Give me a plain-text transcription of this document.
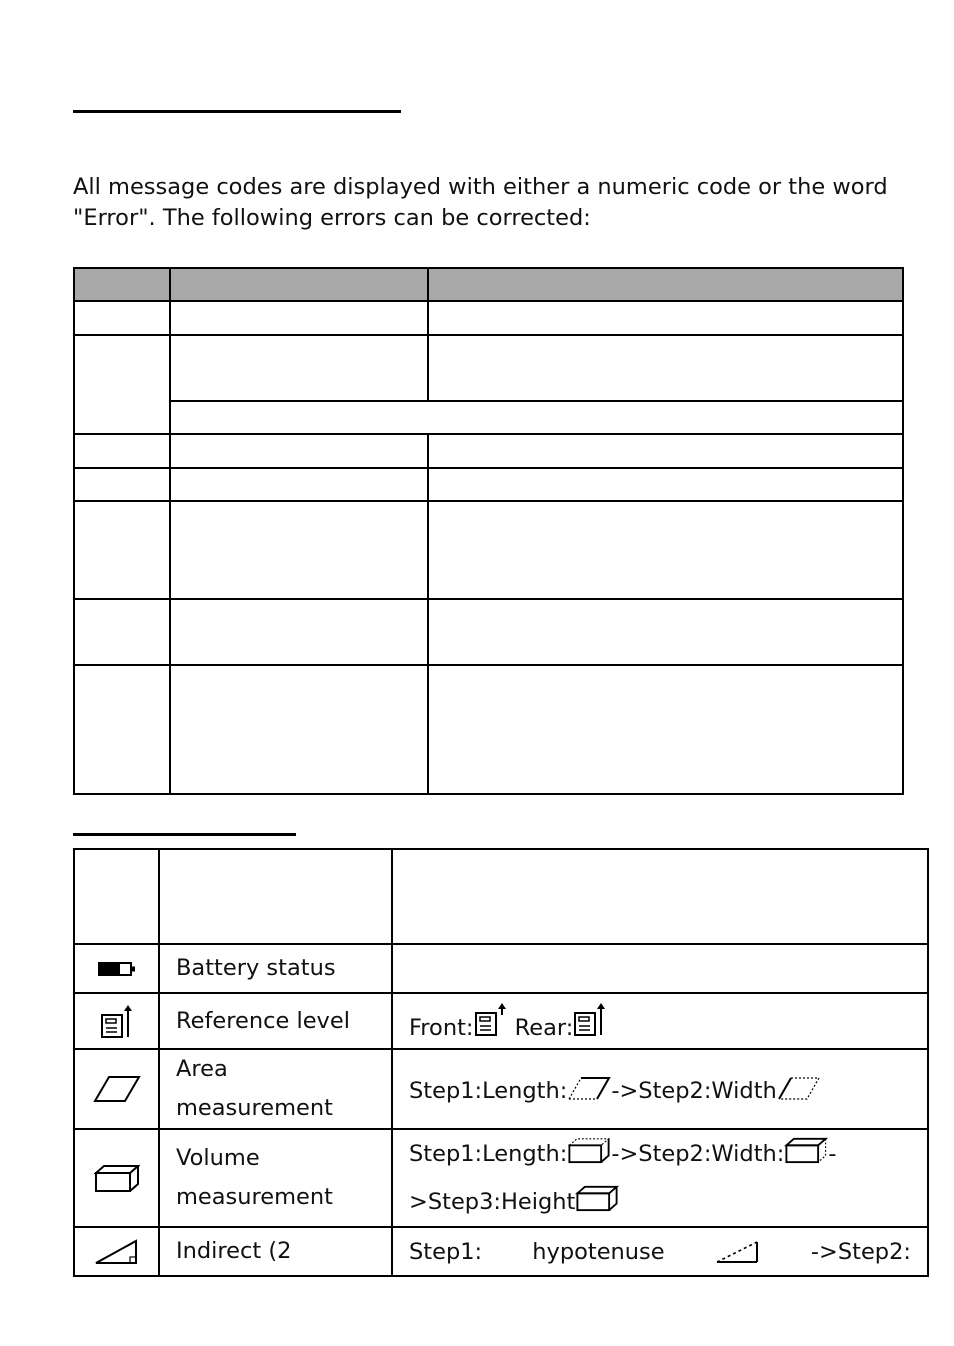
All message codes are displayed with either a numeric code or the word "Error". The following errors can be corrected:

	Battery status	
	Reference level	Front: Rear:
	Area measurement	Step1:Length: ->Step2:Width
	Volume measurement	Step1:Length: ->Step2:Width: -
>Step3:Height

	Indirect (2	Step1: hypotenuse ->Step2:
